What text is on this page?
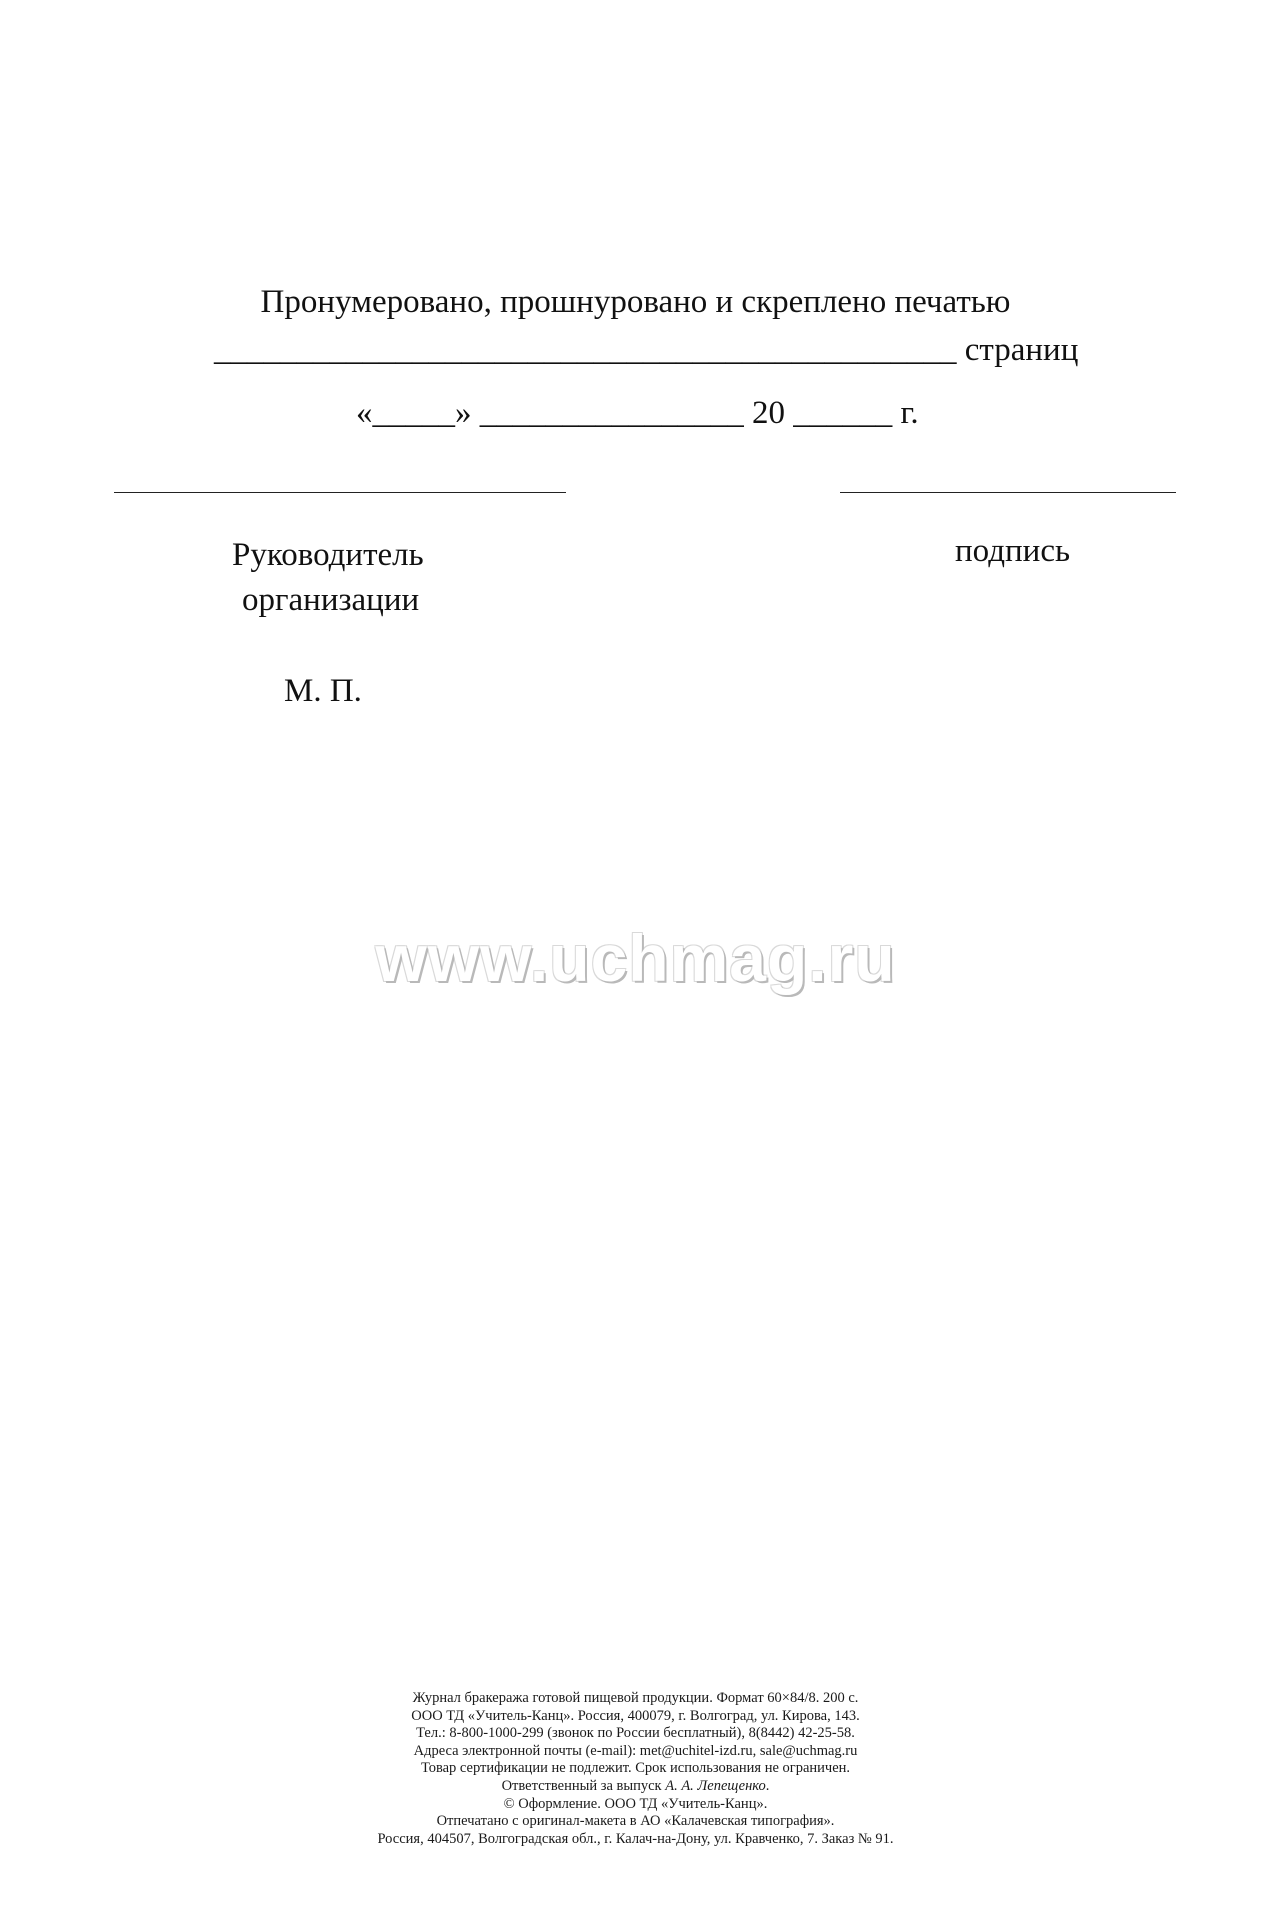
Пронумеровано, прошнуровано и скреплено печатью
_____________________________________________ страниц
«_____» ________________ 20 ______ г.
Руководитель
организации
подпись
М. П.
www.uchmag.ru
Журнал бракеража готовой пищевой продукции. Формат 60×84/8. 200 с.
ООО ТД «Учитель-Канц». Россия, 400079, г. Волгоград, ул. Кирова, 143.
Тел.: 8-800-1000-299 (звонок по России бесплатный), 8(8442) 42-25-58.
Адреса электронной почты (e-mail): met@uchitel-izd.ru, sale@uchmag.ru
Товар сертификации не подлежит. Срок использования не ограничен.
Ответственный за выпуск А. А. Лепещенко.
© Оформление. ООО ТД «Учитель-Канц».
Отпечатано с оригинал-макета в АО «Калачевская типография».
Россия, 404507, Волгоградская обл., г. Калач-на-Дону, ул. Кравченко, 7. Заказ № 91.
